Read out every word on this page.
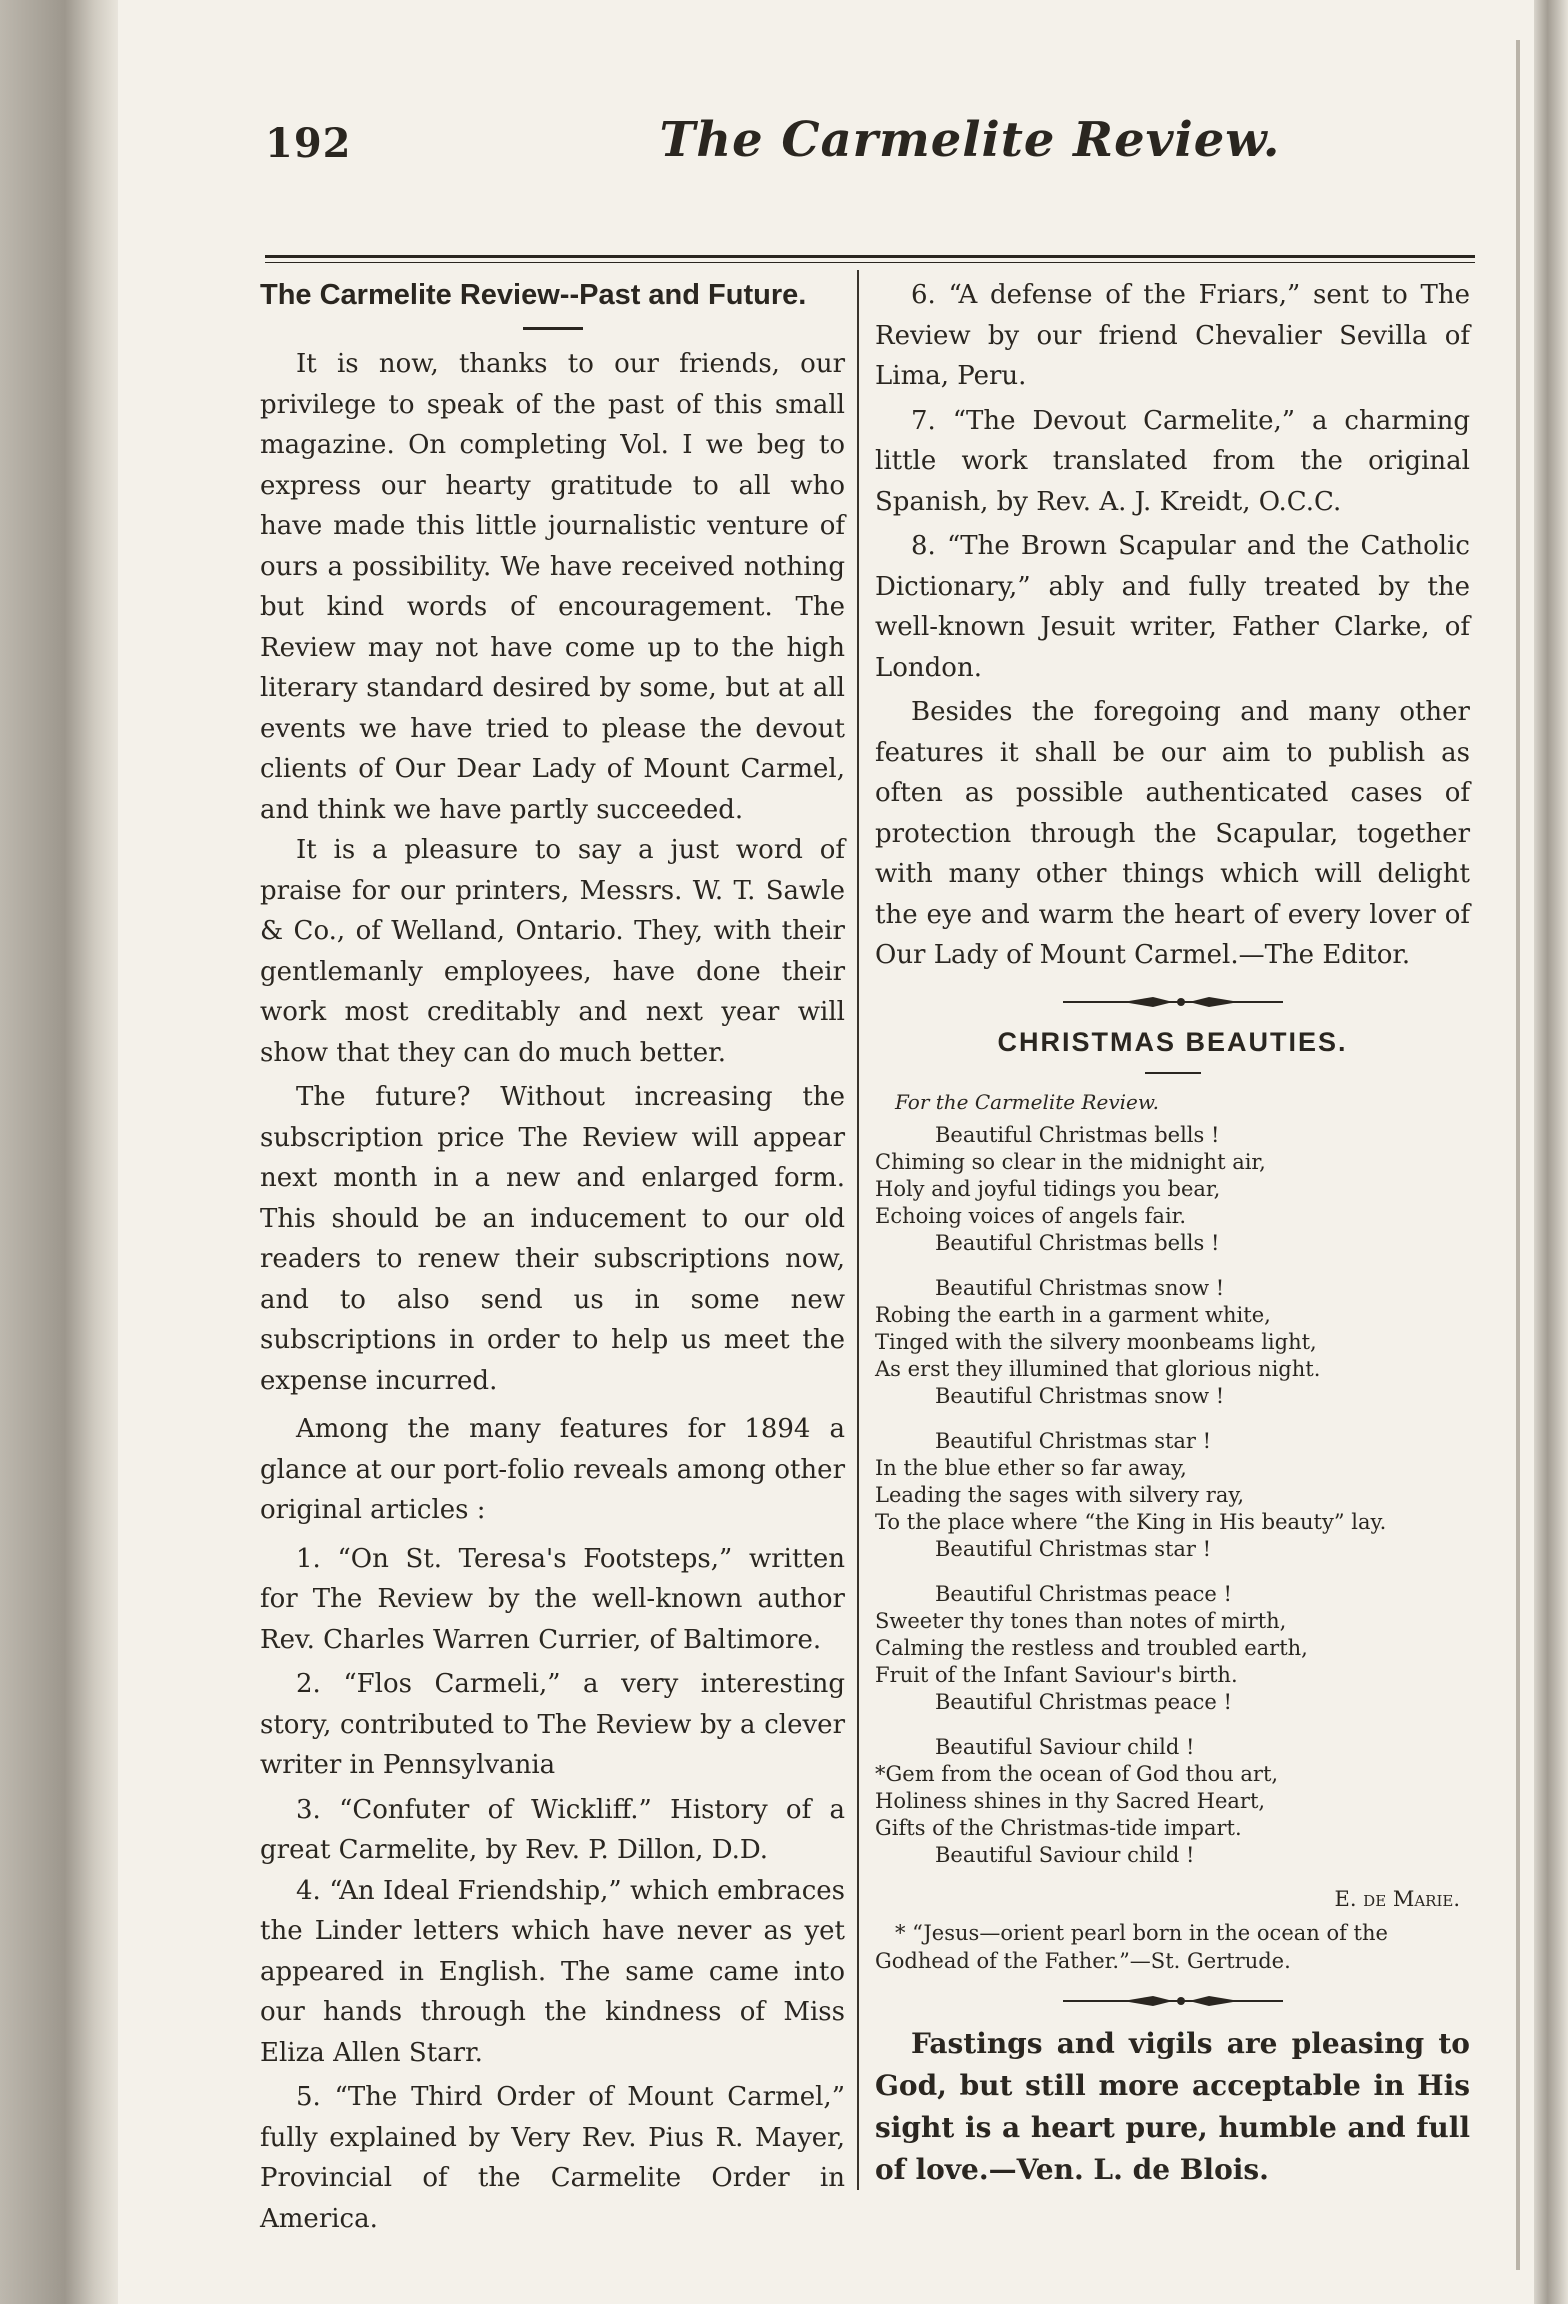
192	The Carmelite Review.
The Carmelite Review--Past and Future.

It is now, thanks to our friends, our privilege to speak of the past of this small magazine. On completing Vol. I we beg to express our hearty gratitude to all who have made this little journalistic venture of ours a possibility. We have received nothing but kind words of encouragement. The Review may not have come up to the high literary standard desired by some, but at all events we have tried to please the devout clients of Our Dear Lady of Mount Carmel, and think we have partly succeeded.

It is a pleasure to say a just word of praise for our printers, Messrs. W. T. Sawle & Co., of Welland, Ontario. They, with their gentlemanly employees, have done their work most creditably and next year will show that they can do much better.

The future? Without increasing the subscription price The Review will appear next month in a new and enlarged form. This should be an inducement to our old readers to renew their subscriptions now, and to also send us in some new subscriptions in order to help us meet the expense incurred.

Among the many features for 1894 a glance at our port-folio reveals among other original articles :

1. “On St. Teresa's Footsteps,” written for The Review by the well-known author Rev. Charles Warren Currier, of Baltimore.

2. “Flos Carmeli,” a very interesting story, contributed to The Review by a clever writer in Pennsylvania

3. “Confuter of Wickliff.” History of a great Carmelite, by Rev. P. Dillon, D.D.

4. “An Ideal Friendship,” which embraces the Linder letters which have never as yet appeared in English. The same came into our hands through the kindness of Miss Eliza Allen Starr.

5. “The Third Order of Mount Carmel,” fully explained by Very Rev. Pius R. Mayer, Provincial of the Carmelite Order in America.

6. “A defense of the Friars,” sent to The Review by our friend Chevalier Sevilla of Lima, Peru.

7. “The Devout Carmelite,” a charming little work translated from the original Spanish, by Rev. A. J. Kreidt, O.C.C.

8. “The Brown Scapular and the Catholic Dictionary,” ably and fully treated by the well-known Jesuit writer, Father Clarke, of London.

Besides the foregoing and many other features it shall be our aim to publish as often as possible authenticated cases of protection through the Scapular, together with many other things which will delight the eye and warm the heart of every lover of Our Lady of Mount Carmel.—The Editor.

CHRISTMAS BEAUTIES.
For the Carmelite Review.
Beautiful Christmas bells !
Chiming so clear in the midnight air,
Holy and joyful tidings you bear,
Echoing voices of angels fair.
Beautiful Christmas bells !
Beautiful Christmas snow !
Robing the earth in a garment white,
Tinged with the silvery moonbeams light,
As erst they illumined that glorious night.
Beautiful Christmas snow !
Beautiful Christmas star !
In the blue ether so far away,
Leading the sages with silvery ray,
To the place where “the King in His beauty” lay.
Beautiful Christmas star !
Beautiful Christmas peace !
Sweeter thy tones than notes of mirth,
Calming the restless and troubled earth,
Fruit of the Infant Saviour's birth.
Beautiful Christmas peace !
Beautiful Saviour child !
*Gem from the ocean of God thou art,
Holiness shines in thy Sacred Heart,
Gifts of the Christmas-tide impart.
Beautiful Saviour child !
E. de Marie.
* “Jesus—orient pearl born in the ocean of the Godhead of the Father.”—St. Gertrude.

Fastings and vigils are pleasing to God, but still more acceptable in His sight is a heart pure, humble and full of love.—Ven. L. de Blois.
